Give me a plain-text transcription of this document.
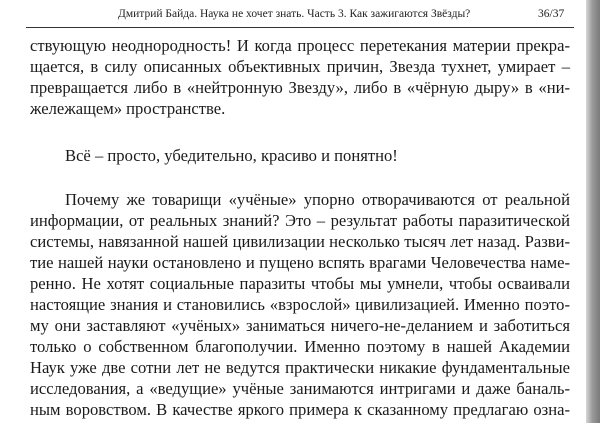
Дмитрий Байда. Наука не хочет знать. Часть 3. Как зажигаются Звёзды?	36/37
ствующую неоднородность! И когда процесс перетекания материи прекра-
щается, в силу описанных объективных причин, Звезда тухнет, умирает –
превращается либо в «нейтронную Звезду», либо в «чёрную дыру» в «ни-
жележащем» пространстве.
Всё – просто, убедительно, красиво и понятно!
Почему же товарищи «учёные» упорно отворачиваются от реальной
информации, от реальных знаний? Это – результат работы паразитической
системы, навязанной нашей цивилизации несколько тысяч лет назад. Разви-
тие нашей науки остановлено и пущено вспять врагами Человечества наме-
ренно. Не хотят социальные паразиты чтобы мы умнели, чтобы осваивали
настоящие знания и становились «взрослой» цивилизацией. Именно поэто-
му они заставляют «учёных» заниматься ничего-не-деланием и заботиться
только о собственном благополучии. Именно поэтому в нашей Академии
Наук уже две сотни лет не ведутся практически никакие фундаментальные
исследования, а «ведущие» учёные занимаются интригами и даже баналь-
ным воровством. В качестве яркого примера к сказанному предлагаю озна-
